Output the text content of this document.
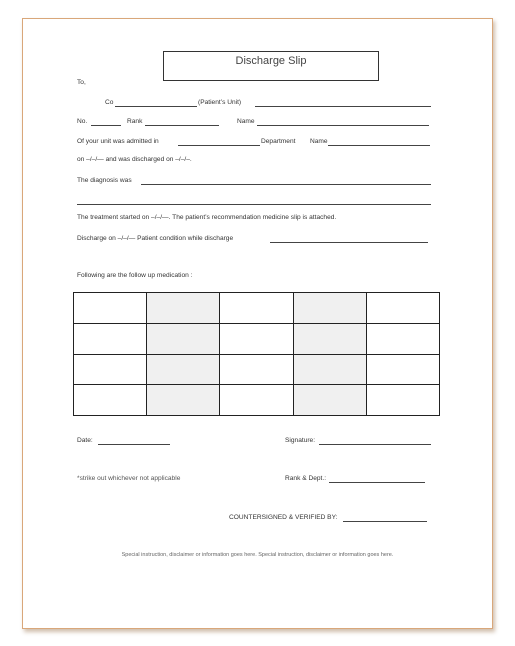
Discharge Slip
To,
Co	(Patient’s Unit)
No.	Rank	Name
Of your unit was admitted in	Department Name
on –/–/— and was discharged on –/–/–.
The diagnosis was
The treatment started on –/–/—. The patient’s recommendation medicine slip is attached.
Discharge on –/–/— Patient condition while discharge
Following are the follow up medication :

Date:	Signature:
*strike out whichever not applicable	Rank & Dept.:
COUNTERSIGNED & VERIFIED BY:
Special instruction, disclaimer or information goes here. Special instruction, disclaimer or information goes here.
